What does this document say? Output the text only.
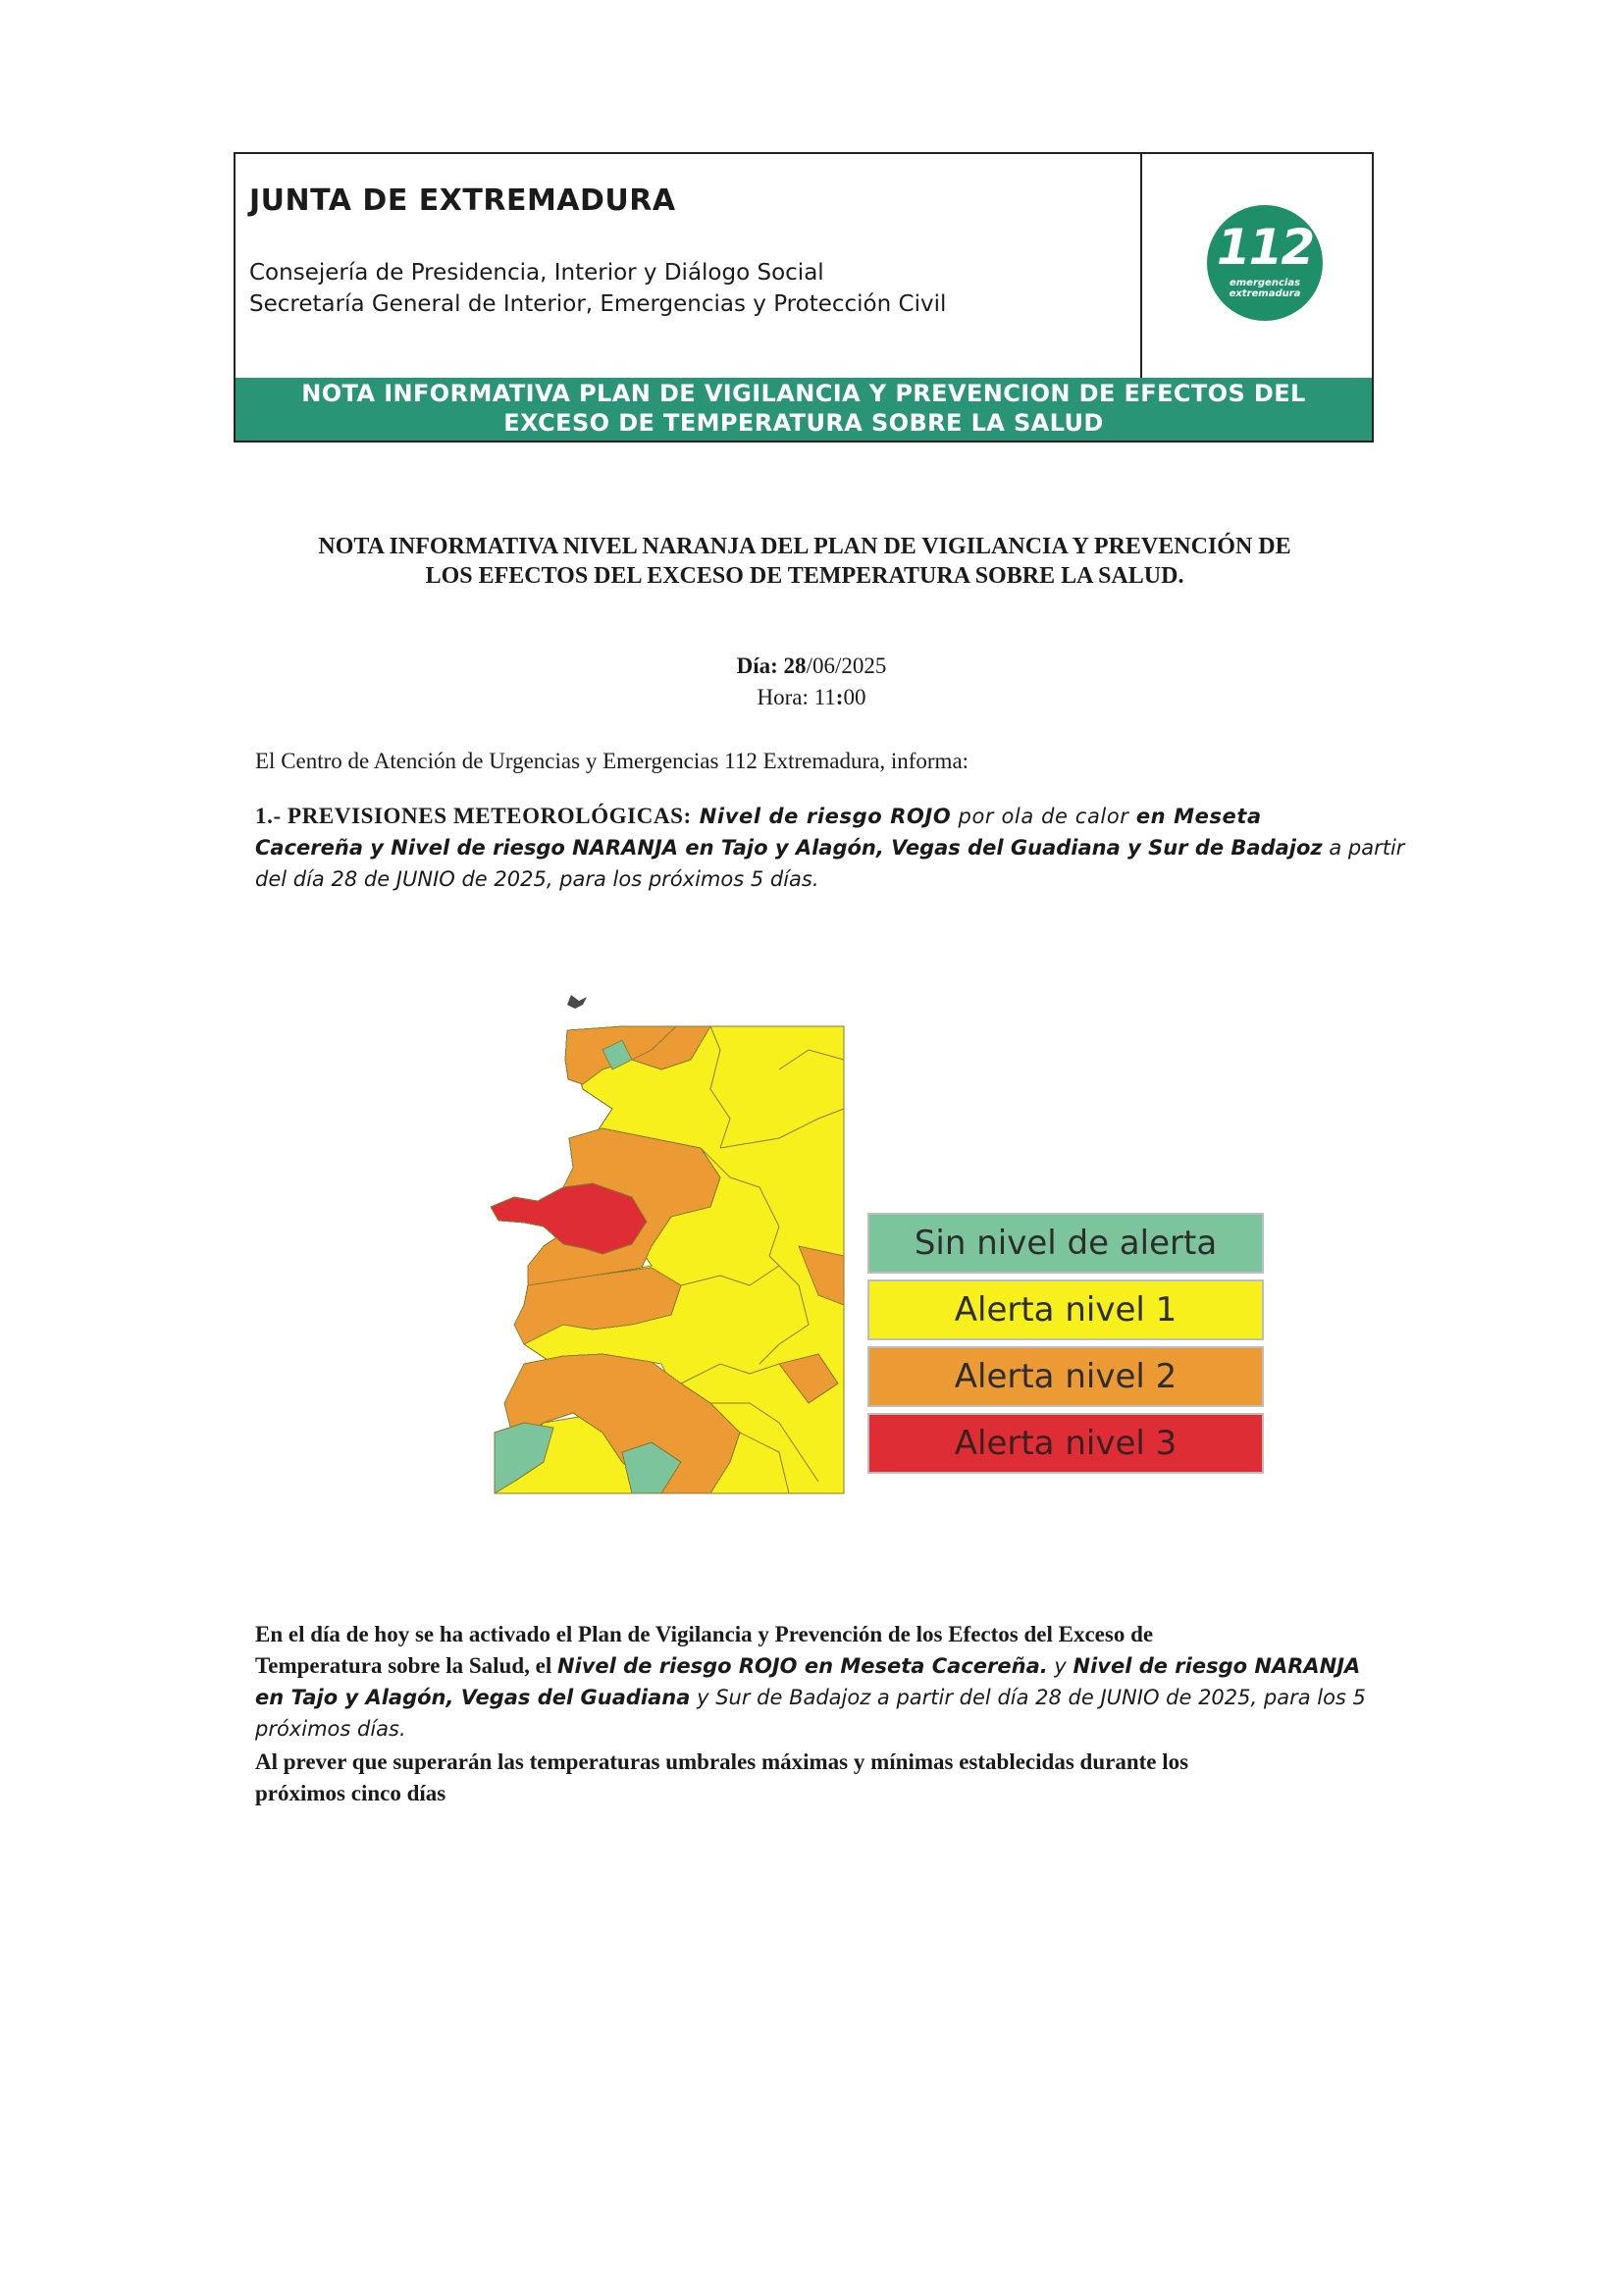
JUNTA DE EXTREMADURA
Consejería de Presidencia, Interior y Diálogo Social
Secretaría General de Interior, Emergencias y Protección Civil
112
emergencias
extremadura
NOTA INFORMATIVA PLAN DE VIGILANCIA Y PREVENCION DE EFECTOS DEL
EXCESO DE TEMPERATURA SOBRE LA SALUD
NOTA INFORMATIVA NIVEL NARANJA DEL PLAN DE VIGILANCIA Y PREVENCIÓN DE
LOS EFECTOS DEL EXCESO DE TEMPERATURA SOBRE LA SALUD.
Día: 28/06/2025
Hora: 11:00
El Centro de Atención de Urgencias y Emergencias 112 Extremadura, informa:
1.- PREVISIONES METEOROLÓGICAS: Nivel de riesgo ROJO por ola de calor en Meseta
Cacereña y Nivel de riesgo NARANJA en Tajo y Alagón, Vegas del Guadiana y Sur de Badajoz a partir
del día 28 de JUNIO de 2025, para los próximos 5 días.
Sin nivel de alerta
Alerta nivel 1
Alerta nivel 2
Alerta nivel 3
En el día de hoy se ha activado el Plan de Vigilancia y Prevención de los Efectos del Exceso de
Temperatura sobre la Salud, el Nivel de riesgo ROJO en Meseta Cacereña. y Nivel de riesgo NARANJA
en Tajo y Alagón, Vegas del Guadiana y Sur de Badajoz a partir del día 28 de JUNIO de 2025, para los 5
próximos días.
Al prever que superarán las temperaturas umbrales máximas y mínimas establecidas durante los
próximos cinco días
